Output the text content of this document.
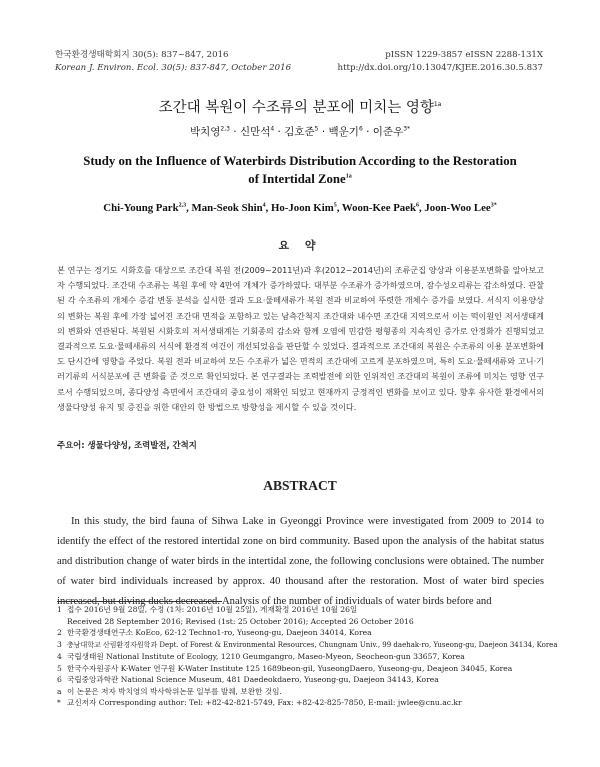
한국환경생태학회지 30(5): 837~847, 2016
Korean J. Environ. Ecol. 30(5): 837-847, October 2016
pISSN 1229-3857 eISSN 2288-131X
http://dx.doi.org/10.13047/KJEE.2016.30.5.837
조간대 복원이 수조류의 분포에 미치는 영향$^{1a}$
박치영$^{2,3}$ · 신만석$^4$ · 김호준$^5$ · 백운기$^6$ · 이준우$^{3*}$
Study on the Influence of Waterbirds Distribution According to the Restoration
of Intertidal Zone$^{1a}$
Chi-Young Park$^{2,3}$, Man-Seok Shin$^4$, Ho-Joon Kim$^5$, Woon-Kee Paek$^6$, Joon-Woo Lee$^{3*}$
요 약
본 연구는 경기도 시화호를 대상으로 조간대 복원 전(2009~2011년)과 후(2012~2014년)의 조류군집 양상과 이용분포변화를 알아보고자 수행되었다. 조간대 수조류는 복원 후에 약 4만여 개체가 증가하였다. 대부분 수조류가 증가하였으며, 잠수성오리류는 감소하였다. 관찰된 각 수조류의 개체수 증감 변동 분석을 실시한 결과 도요·물떼새류가 복원 전과 비교하여 뚜렷한 개체수 증가를 보였다. 서식지 이용양상의 변화는 복원 후에 가장 넓어진 조간대 면적을 포함하고 있는 남측간척지 조간대와 내수면 조간대 지역으로서 이는 떡이원인 저서생태계의 변화와 연관된다. 복원된 시화호의 저서생태계는 기회종의 감소와 함께 오염에 민감한 평형종의 지속적인 증가로 안정화가 진행되었고 결과적으로 도요·물떼새류의 서식에 환경적 여건이 개선되었음을 판단할 수 있었다. 결과적으로 조간대의 복원은 수조류의 이용 분포변화에도 단시간에 영향을 주었다. 복원 전과 비교하여 모든 수조류가 넓은 면적의 조간대에 고르게 분포하였으며, 특히 도요·물떼새류와 고니·기러기류의 서식분포에 큰 변화를 준 것으로 확인되었다. 본 연구결과는 조력발전에 의한 인위적인 조간대의 복원이 조류에 미치는 영향 연구로서 수행되었으며, 종다양성 측면에서 조간대의 중요성이 재확인 되었고 현재까지 긍정적인 변화를 보이고 있다. 향후 유사한 환경에서의 생물다양성 유지 및 증진을 위한 대안의 한 방법으로 방향성을 제시할 수 있을 것이다.
주요어: 생물다양성, 조력발전, 간척지
ABSTRACT
In this study, the bird fauna of Sihwa Lake in Gyeonggi Province were investigated from 2009 to 2014 to identify the effect of the restored intertidal zone on bird community. Based upon the analysis of the habitat status and distribution change of water birds in the intertidal zone, the following conclusions were obtained. The number of water bird individuals increased by approx. 40 thousand after the restoration. Most of water bird species increased, but diving ducks decreased. Analysis of the number of individuals of water birds before and
1 접수 2016년 9월 28일, 수정 (1차: 2016년 10월 25일), 게재확정 2016년 10월 26일
Received 28 September 2016; Revised (1st: 25 October 2016); Accepted 26 October 2016
2 한국환경생태연구소 KoEco, 62-12 Techno1-ro, Yuseong-gu, Daejeon 34014, Korea
3 충남대학교 산림환경자원학과 Dept. of Forest & Environmental Resources, Chungnam Univ., 99 daehak-ro, Yuseong-gu, Daejeon 34134, Korea
4 국립생태원 National Institute of Ecology, 1210 Geumgangro, Maseo-Myeon, Seocheon-gun 33657, Korea
5 한국수자원공사 K-Water 연구원 K-Water Institute 125 1689beon-gil, YuseongDaero, Yuseong-gu, Deajeon 34045, Korea
6 국립중앙과학관 National Science Museum, 481 Daedeokdaero, Yuseong-gu, Daejeon 34143, Korea
a 이 논문은 저자 박치영의 박사학위논문 일부를 발췌, 보완한 것임.
* 교신저자 Corresponding author: Tel: +82-42-821-5749, Fax: +82-42-825-7850, E-mail: jwlee@cnu.ac.kr
